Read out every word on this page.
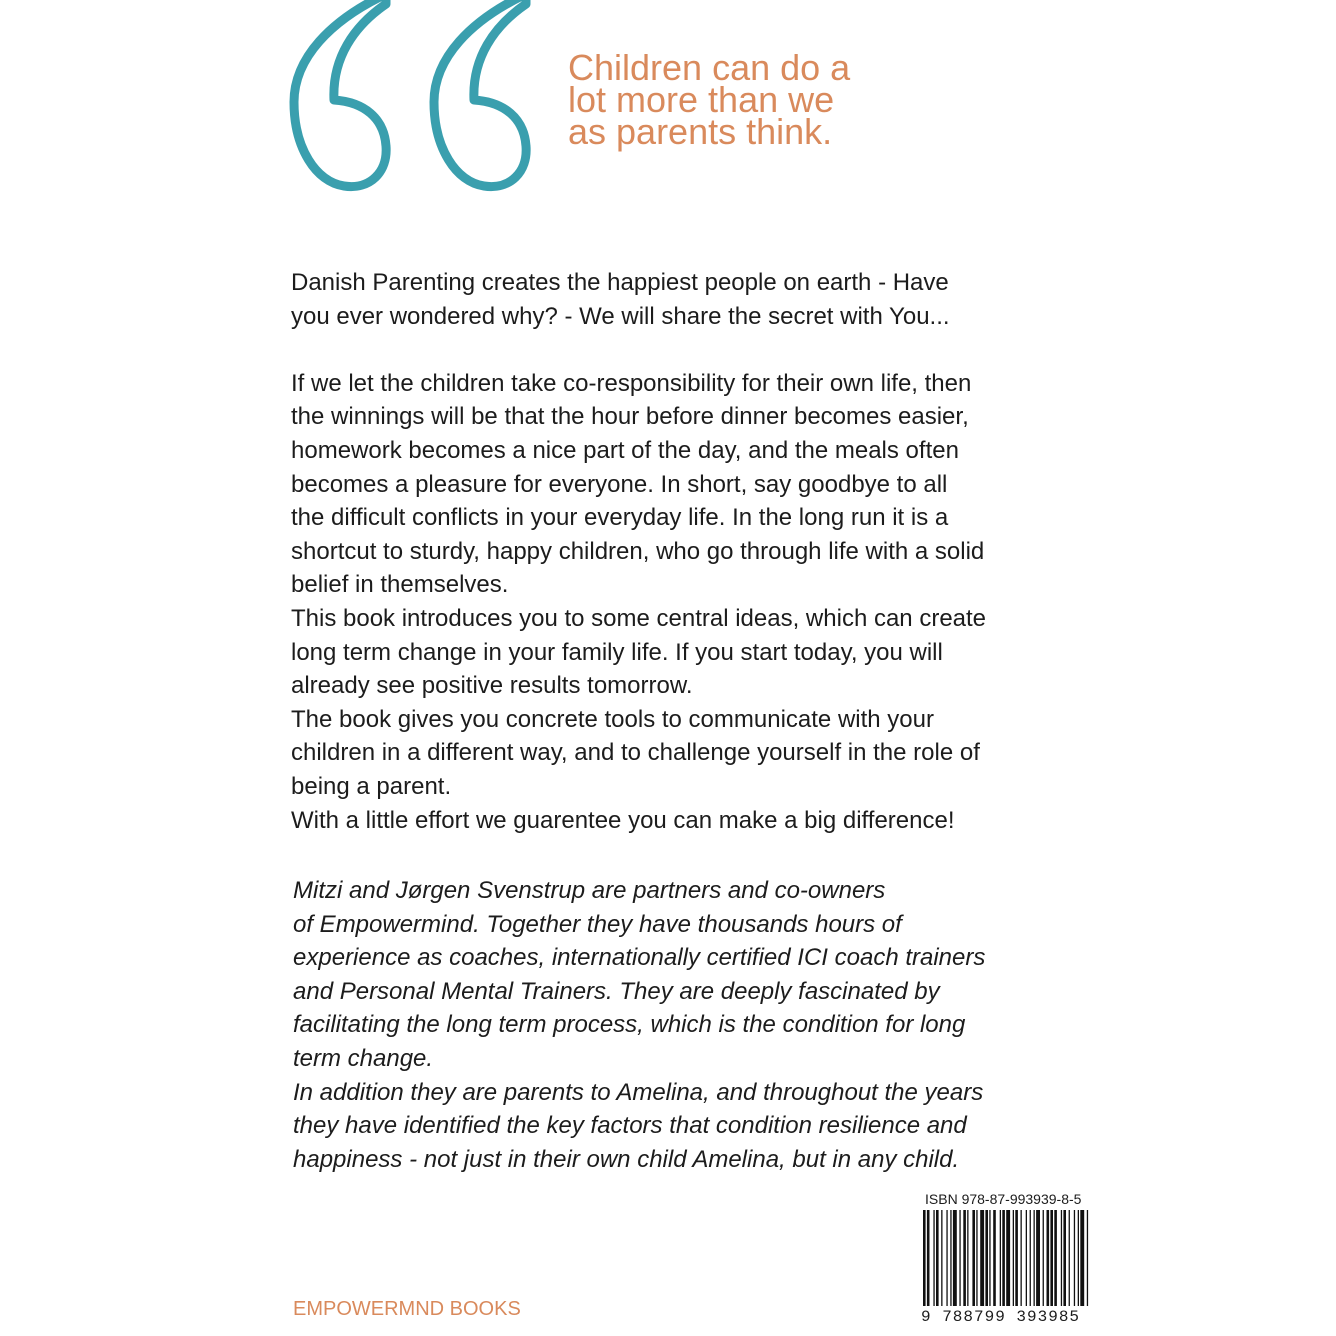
Children can do a
lot more than we
as parents think.
Danish Parenting creates the happiest people on earth - Have
you ever wondered why? - We will share the secret with You...
If we let the children take co-responsibility for their own life, then
the winnings will be that the hour before dinner becomes easier,
homework becomes a nice part of the day, and the meals often
becomes a pleasure for everyone. In short, say goodbye to all
the difficult conflicts in your everyday life. In the long run it is a
shortcut to sturdy, happy children, who go through life with a solid
belief in themselves.
This book introduces you to some central ideas, which can create
long term change in your family life. If you start today, you will
already see positive results tomorrow.
The book gives you concrete tools to communicate with your
children in a different way, and to challenge yourself in the role of
being a parent.
With a little effort we guarentee you can make a big difference!
Mitzi and Jørgen Svenstrup are partners and co-owners
of Empowermind. Together they have thousands hours of
experience as coaches, internationally certified ICI coach trainers
and Personal Mental Trainers. They are deeply fascinated by
facilitating the long term process, which is the condition for long
term change.
In addition they are parents to Amelina, and throughout the years
they have identified the key factors that condition resilience and
happiness - not just in their own child Amelina, but in any child.
ISBN 978-87-993939-8-5
9 788799 393985
EMPOWERMND BOOKS
